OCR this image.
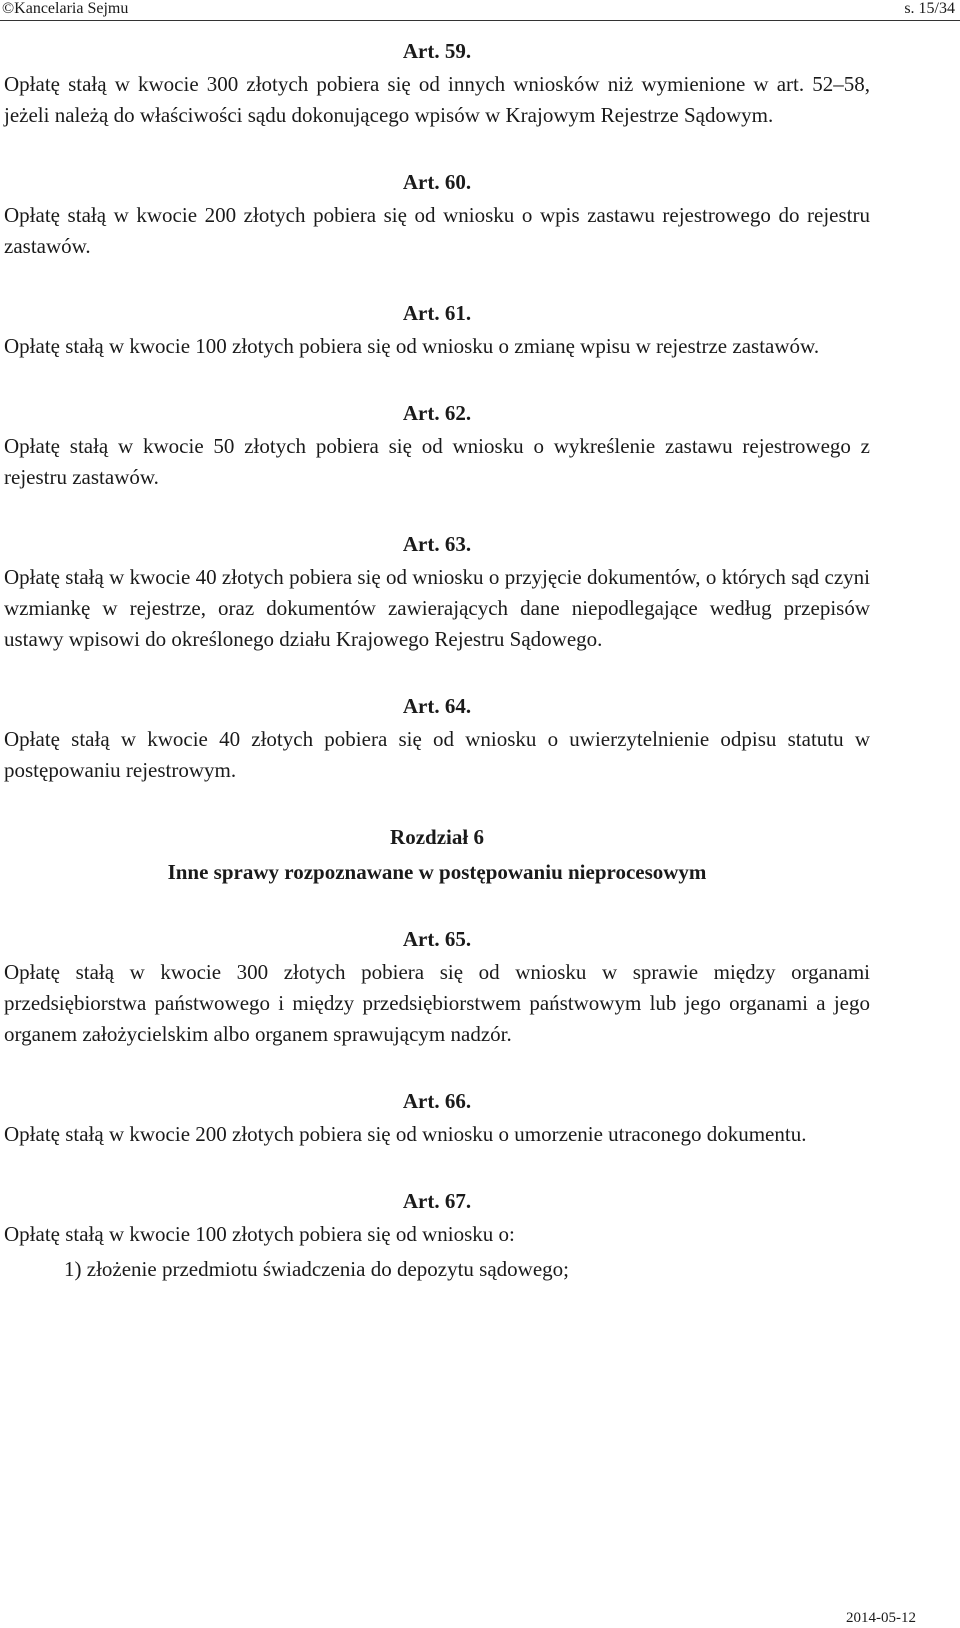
©Kancelaria Sejmu	s. 15/34

Art. 59.

Opłatę stałą w kwocie 300 złotych pobiera się od innych wniosków niż wymienione w art. 52–58, jeżeli należą do właściwości sądu dokonującego wpisów w Krajowym Rejestrze Sądowym.

Art. 60.

Opłatę stałą w kwocie 200 złotych pobiera się od wniosku o wpis zastawu rejestrowego do rejestru zastawów.

Art. 61.

Opłatę stałą w kwocie 100 złotych pobiera się od wniosku o zmianę wpisu w rejestrze zastawów.

Art. 62.

Opłatę stałą w kwocie 50 złotych pobiera się od wniosku o wykreślenie zastawu rejestrowego z rejestru zastawów.

Art. 63.

Opłatę stałą w kwocie 40 złotych pobiera się od wniosku o przyjęcie dokumentów, o których sąd czyni wzmiankę w rejestrze, oraz dokumentów zawierających dane niepodlegające według przepisów ustawy wpisowi do określonego działu Krajowego Rejestru Sądowego.

Art. 64.

Opłatę stałą w kwocie 40 złotych pobiera się od wniosku o uwierzytelnienie odpisu statutu w postępowaniu rejestrowym.

Rozdział 6

Inne sprawy rozpoznawane w postępowaniu nieprocesowym

Art. 65.

Opłatę stałą w kwocie 300 złotych pobiera się od wniosku w sprawie między organami przedsiębiorstwa państwowego i między przedsiębiorstwem państwowym lub jego organami a jego organem założycielskim albo organem sprawującym nadzór.

Art. 66.

Opłatę stałą w kwocie 200 złotych pobiera się od wniosku o umorzenie utraconego dokumentu.

Art. 67.

Opłatę stałą w kwocie 100 złotych pobiera się od wniosku o:

1) złożenie przedmiotu świadczenia do depozytu sądowego;

2014-05-12
